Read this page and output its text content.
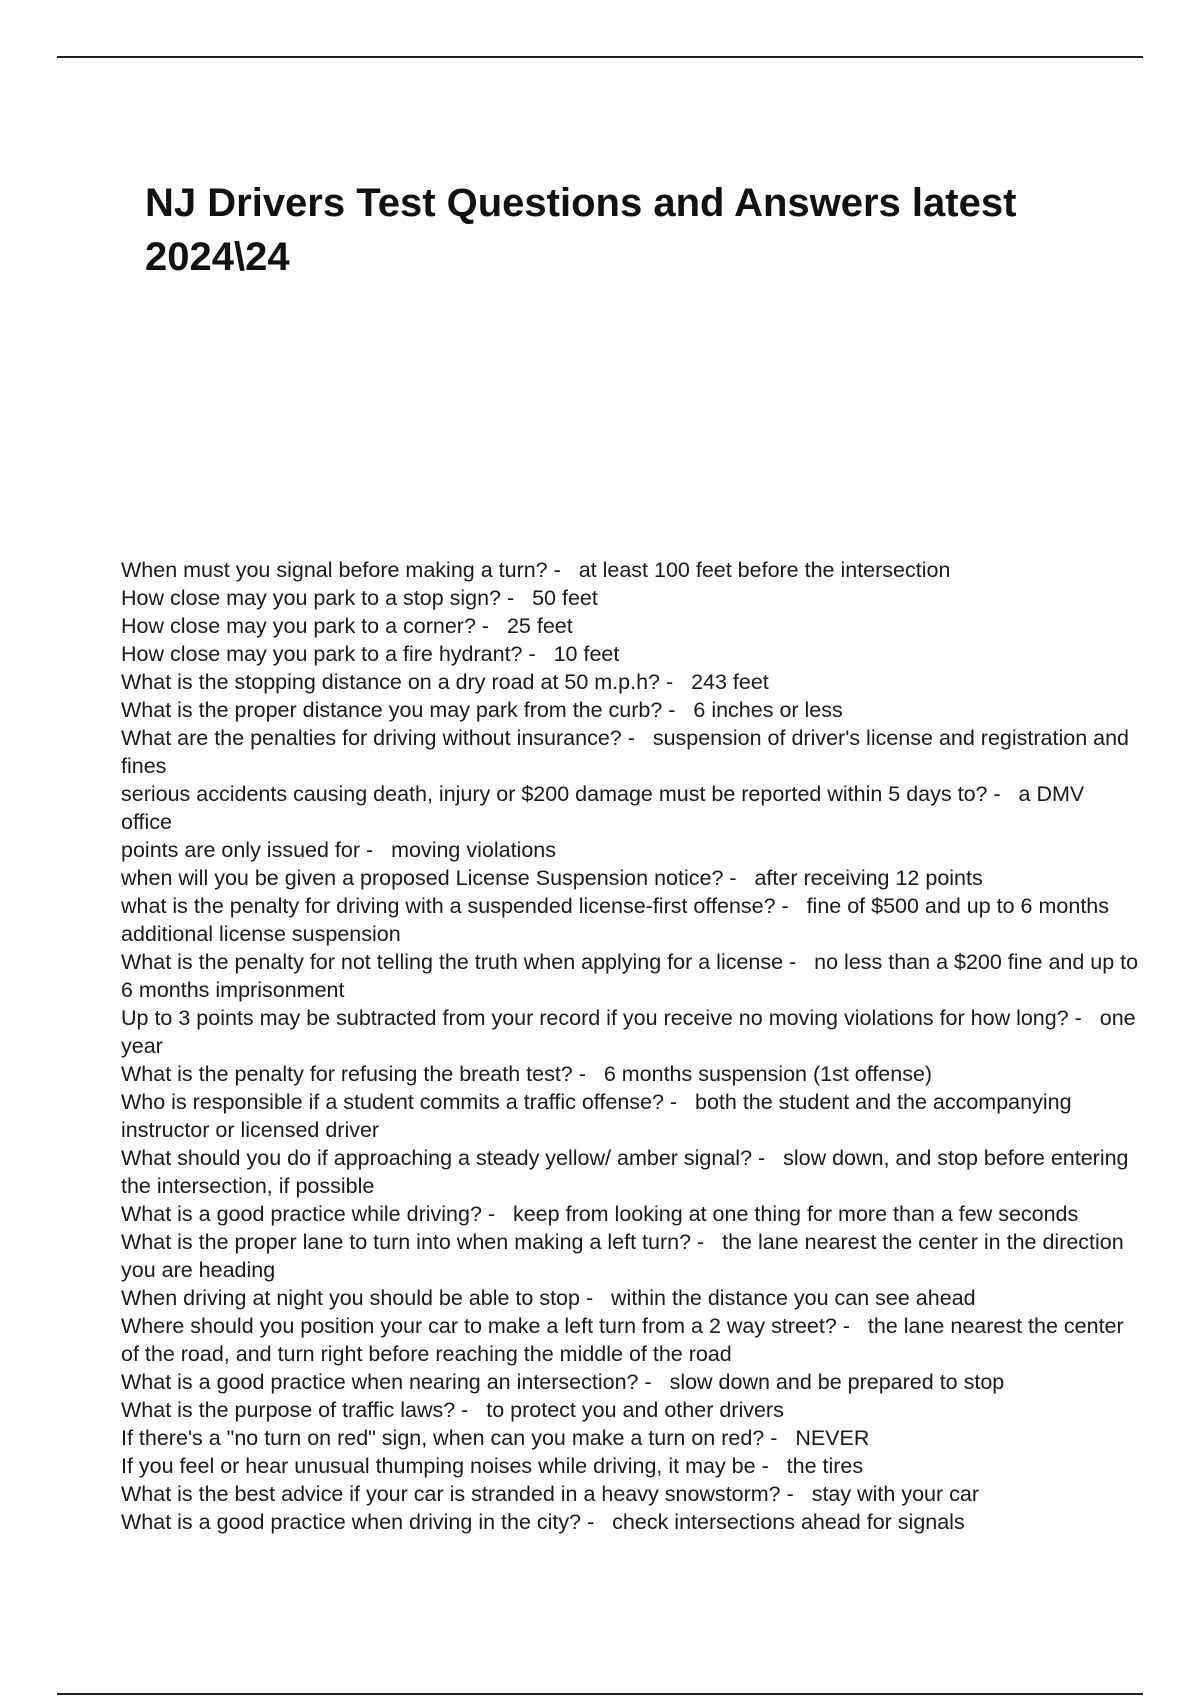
NJ Drivers Test Questions and Answers latest 2024\24
When must you signal before making a turn? - at least 100 feet before the intersection
How close may you park to a stop sign? - 50 feet
How close may you park to a corner? - 25 feet
How close may you park to a fire hydrant? - 10 feet
What is the stopping distance on a dry road at 50 m.p.h? - 243 feet
What is the proper distance you may park from the curb? - 6 inches or less
What are the penalties for driving without insurance? - suspension of driver's license and registration and fines
serious accidents causing death, injury or $200 damage must be reported within 5 days to? - a DMV office
points are only issued for - moving violations
when will you be given a proposed License Suspension notice? - after receiving 12 points
what is the penalty for driving with a suspended license-first offense? - fine of $500 and up to 6 months additional license suspension
What is the penalty for not telling the truth when applying for a license - no less than a $200 fine and up to 6 months imprisonment
Up to 3 points may be subtracted from your record if you receive no moving violations for how long? - one year
What is the penalty for refusing the breath test? - 6 months suspension (1st offense)
Who is responsible if a student commits a traffic offense? - both the student and the accompanying instructor or licensed driver
What should you do if approaching a steady yellow/ amber signal? - slow down, and stop before entering the intersection, if possible
What is a good practice while driving? - keep from looking at one thing for more than a few seconds
What is the proper lane to turn into when making a left turn? - the lane nearest the center in the direction you are heading
When driving at night you should be able to stop - within the distance you can see ahead
Where should you position your car to make a left turn from a 2 way street? - the lane nearest the center of the road, and turn right before reaching the middle of the road
What is a good practice when nearing an intersection? - slow down and be prepared to stop
What is the purpose of traffic laws? - to protect you and other drivers
If there's a "no turn on red" sign, when can you make a turn on red? - NEVER
If you feel or hear unusual thumping noises while driving, it may be - the tires
What is the best advice if your car is stranded in a heavy snowstorm? - stay with your car
What is a good practice when driving in the city? - check intersections ahead for signals
